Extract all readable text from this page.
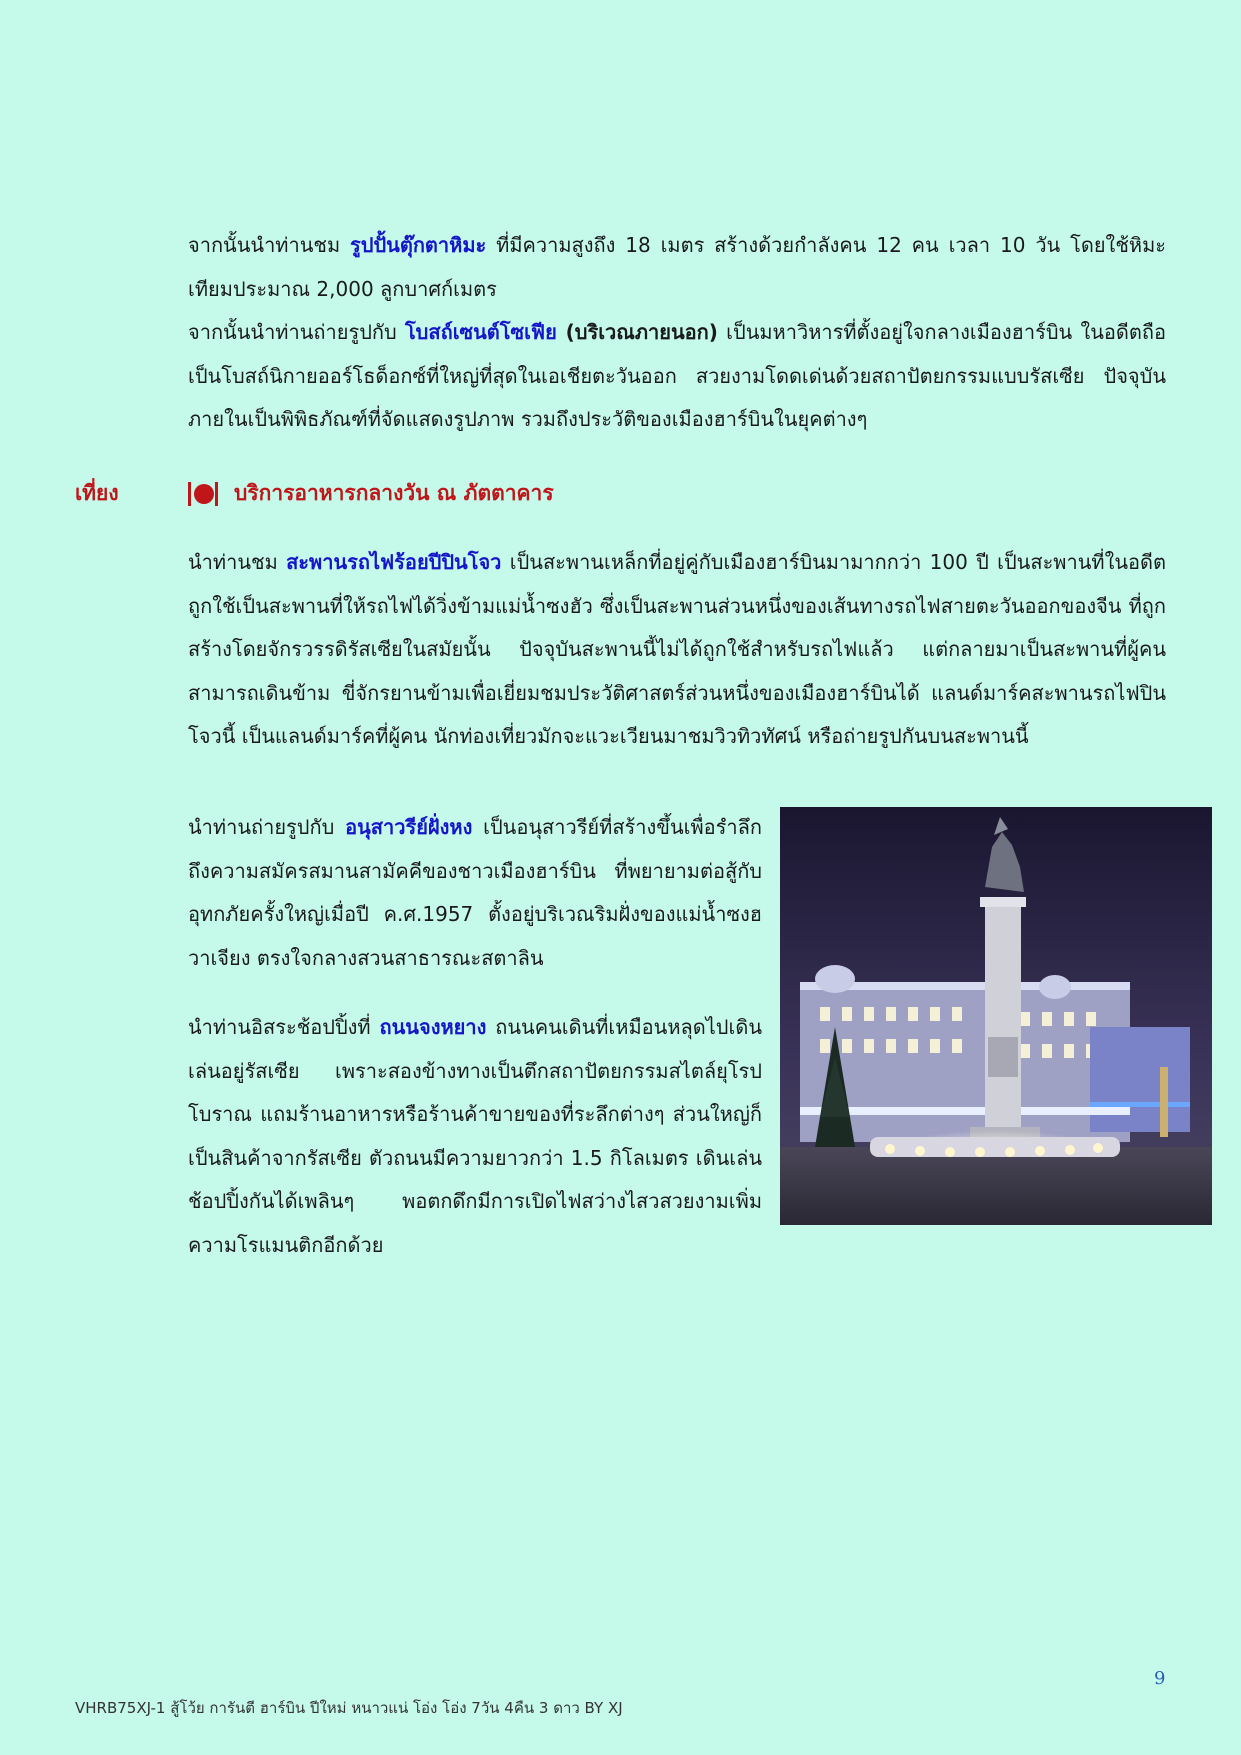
จากนั้นนำท่านชม รูปปั้นตุ๊กตาหิมะ ที่มีความสูงถึง 18 เมตร สร้างด้วยกำลังคน 12 คน เวลา 10 วัน โดยใช้หิมะเทียมประมาณ 2,000 ลูกบาศก์เมตร

จากนั้นนำท่านถ่ายรูปกับ โบสถ์เซนต์โซเฟีย (บริเวณภายนอก) เป็นมหาวิหารที่ตั้งอยู่ใจกลางเมืองฮาร์บิน ในอดีตถือเป็นโบสถ์นิกายออร์โธด็อกซ์ที่ใหญ่ที่สุดในเอเชียตะวันออก สวยงามโดดเด่นด้วยสถาปัตยกรรมแบบรัสเซีย ปัจจุบันภายในเป็นพิพิธภัณฑ์ที่จัดแสดงรูปภาพ รวมถึงประวัติของเมืองฮาร์บินในยุคต่างๆ

เที่ยง	บริการอาหารกลางวัน ณ ภัตตาคาร

นำท่านชม สะพานรถไฟร้อยปีปินโจว เป็นสะพานเหล็กที่อยู่คู่กับเมืองฮาร์บินมามากกว่า 100 ปี เป็นสะพานที่ในอดีตถูกใช้เป็นสะพานที่ให้รถไฟได้วิ่งข้ามแม่น้ำซงฮัว ซึ่งเป็นสะพานส่วนหนึ่งของเส้นทางรถไฟสายตะวันออกของจีน ที่ถูกสร้างโดยจักรวรรดิรัสเซียในสมัยนั้น ปัจจุบันสะพานนี้ไม่ได้ถูกใช้สำหรับรถไฟแล้ว แต่กลายมาเป็นสะพานที่ผู้คนสามารถเดินข้าม ขี่จักรยานข้ามเพื่อเยี่ยมชมประวัติศาสตร์ส่วนหนึ่งของเมืองฮาร์บินได้ แลนด์มาร์คสะพานรถไฟปินโจวนี้ เป็นแลนด์มาร์คที่ผู้คน นักท่องเที่ยวมักจะแวะเวียนมาชมวิวทิวทัศน์ หรือถ่ายรูปกันบนสะพานนี้

นำท่านถ่ายรูปกับ อนุสาวรีย์ฝั่งหง เป็นอนุสาวรีย์ที่สร้างขึ้นเพื่อรำลึกถึงความสมัครสมานสามัคคีของชาวเมืองฮาร์บิน ที่พยายามต่อสู้กับอุทกภัยครั้งใหญ่เมื่อปี ค.ศ.1957 ตั้งอยู่บริเวณริมฝั่งของแม่น้ำซงฮวาเจียง ตรงใจกลางสวนสาธารณะสตาลิน

นำท่านอิสระช้อปปิ้งที่ ถนนจงหยาง ถนนคนเดินที่เหมือนหลุดไปเดินเล่นอยู่รัสเซีย เพราะสองข้างทางเป็นตึกสถาปัตยกรรมสไตล์ยุโรปโบราณ แถมร้านอาหารหรือร้านค้าขายของที่ระลึกต่างๆ ส่วนใหญ่ก็เป็นสินค้าจากรัสเซีย ตัวถนนมีความยาวกว่า 1.5 กิโลเมตร เดินเล่นช้อปปิ้งกันได้เพลินๆ พอตกดึกมีการเปิดไฟสว่างไสวสวยงามเพิ่มความโรแมนติกอีกด้วย

9
VHRB75XJ-1 สู้โว้ย การันตี ฮาร์บิน ปีใหม่ หนาวแน่ โอ่ง โอ่ง 7วัน 4คืน 3 ดาว BY XJ
